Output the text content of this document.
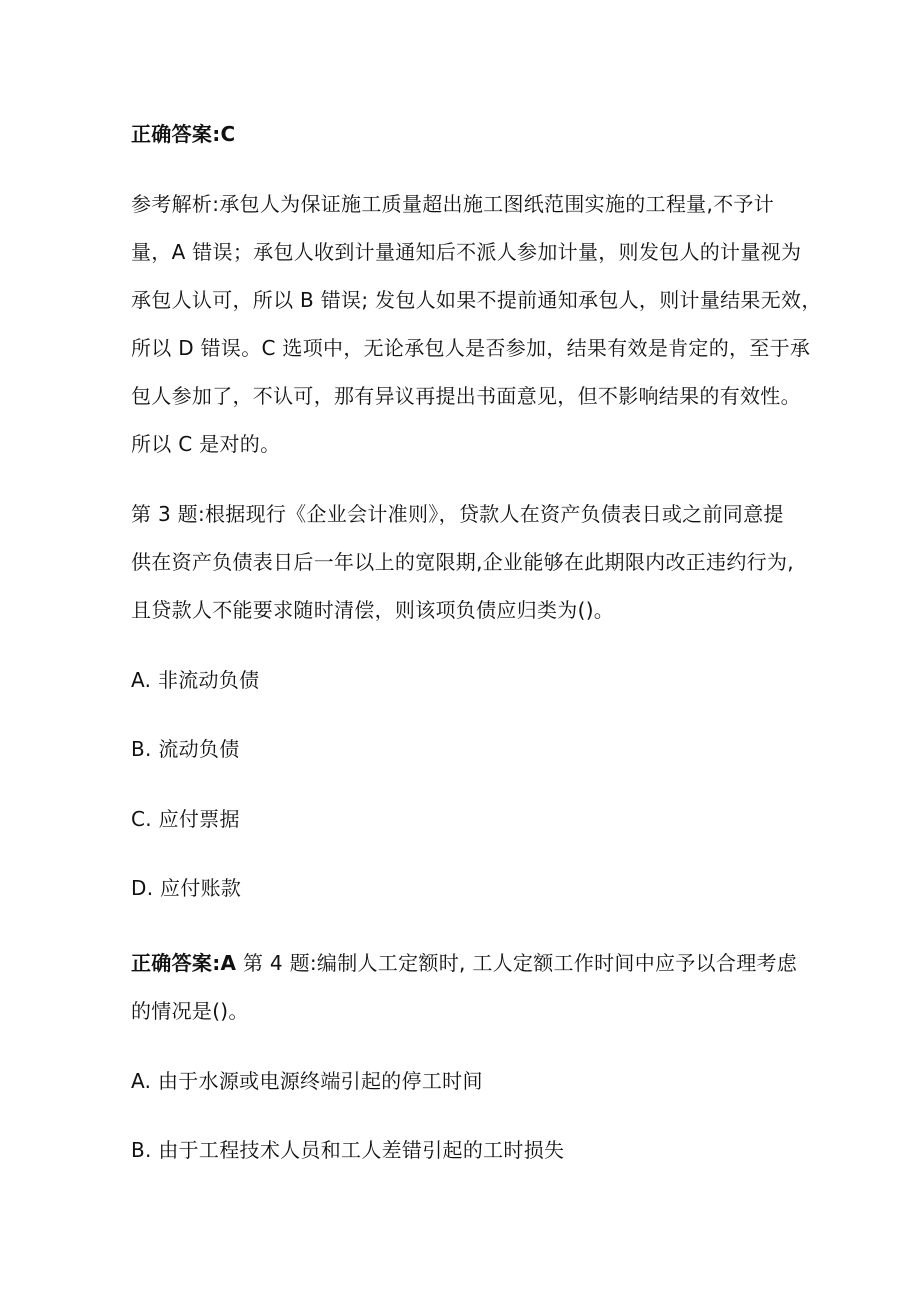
正确答案:C
参考解析:承包人为保证施工质量超出施工图纸范围实施的工程量,不予计
量，A 错误；承包人收到计量通知后不派人参加计量，则发包人的计量视为
承包人认可，所以 B 错误; 发包人如果不提前通知承包人，则计量结果无效，
所以 D 错误。C 选项中，无论承包人是否参加，结果有效是肯定的，至于承
包人参加了，不认可，那有异议再提出书面意见，但不影响结果的有效性。
所以 C 是对的。
第 3 题:根据现行《企业会计准则》，贷款人在资产负债表日或之前同意提
供在资产负债表日后一年以上的宽限期,企业能够在此期限内改正违约行为,
且贷款人不能要求随时清偿，则该项负债应归类为()。
A. 非流动负债
B. 流动负债
C. 应付票据
D. 应付账款
正确答案:A 第 4 题:编制人工定额时, 工人定额工作时间中应予以合理考虑
的情况是()。
A. 由于水源或电源终端引起的停工时间
B. 由于工程技术人员和工人差错引起的工时损失
